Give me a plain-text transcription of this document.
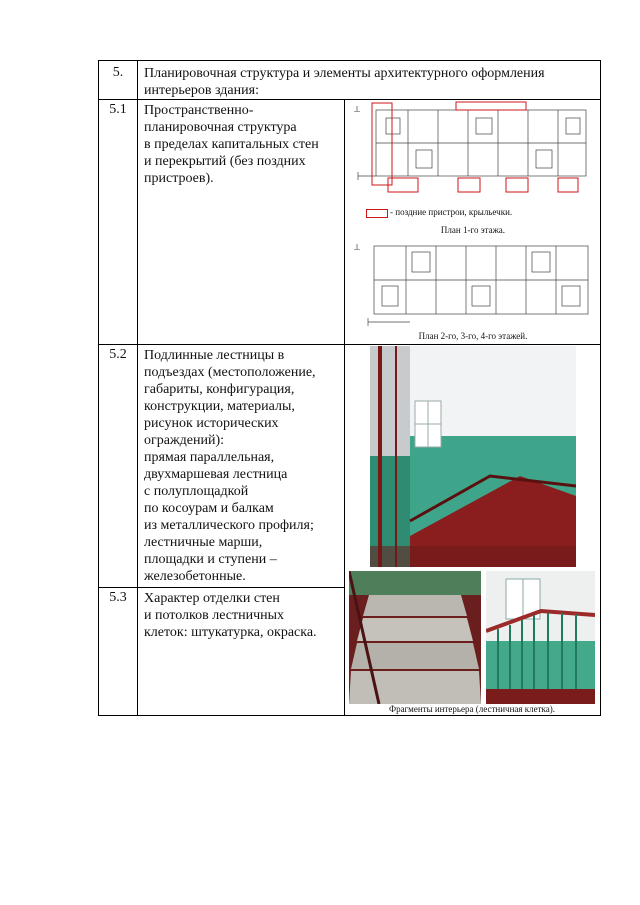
5.	Планировочная структура и элементы архитектурного оформления
интерьеров здания:
5.1	Пространственно-
планировочная структура
в пределах капитальных стен
и перекрытий (без поздних
пристроев).
5.2	Подлинные лестницы в
подъездах (местоположение,
габариты, конфигурация,
конструкции, материалы,
рисунок исторических
ограждений):
прямая параллельная,
двухмаршевая лестница
с полуплощадкой
по косоурам и балкам
из металлического профиля;
лестничные марши,
площадки и ступени –
железобетонные.
5.3	Характер отделки стен
и потолков лестничных
клеток: штукатурка, окраска.
⟂
- поздние пристрои, крыльечки.
План 1-го этажа.
⟂
План 2-го, 3-го, 4-го этажей.
Фрагменты интерьера (лестничная клетка).
